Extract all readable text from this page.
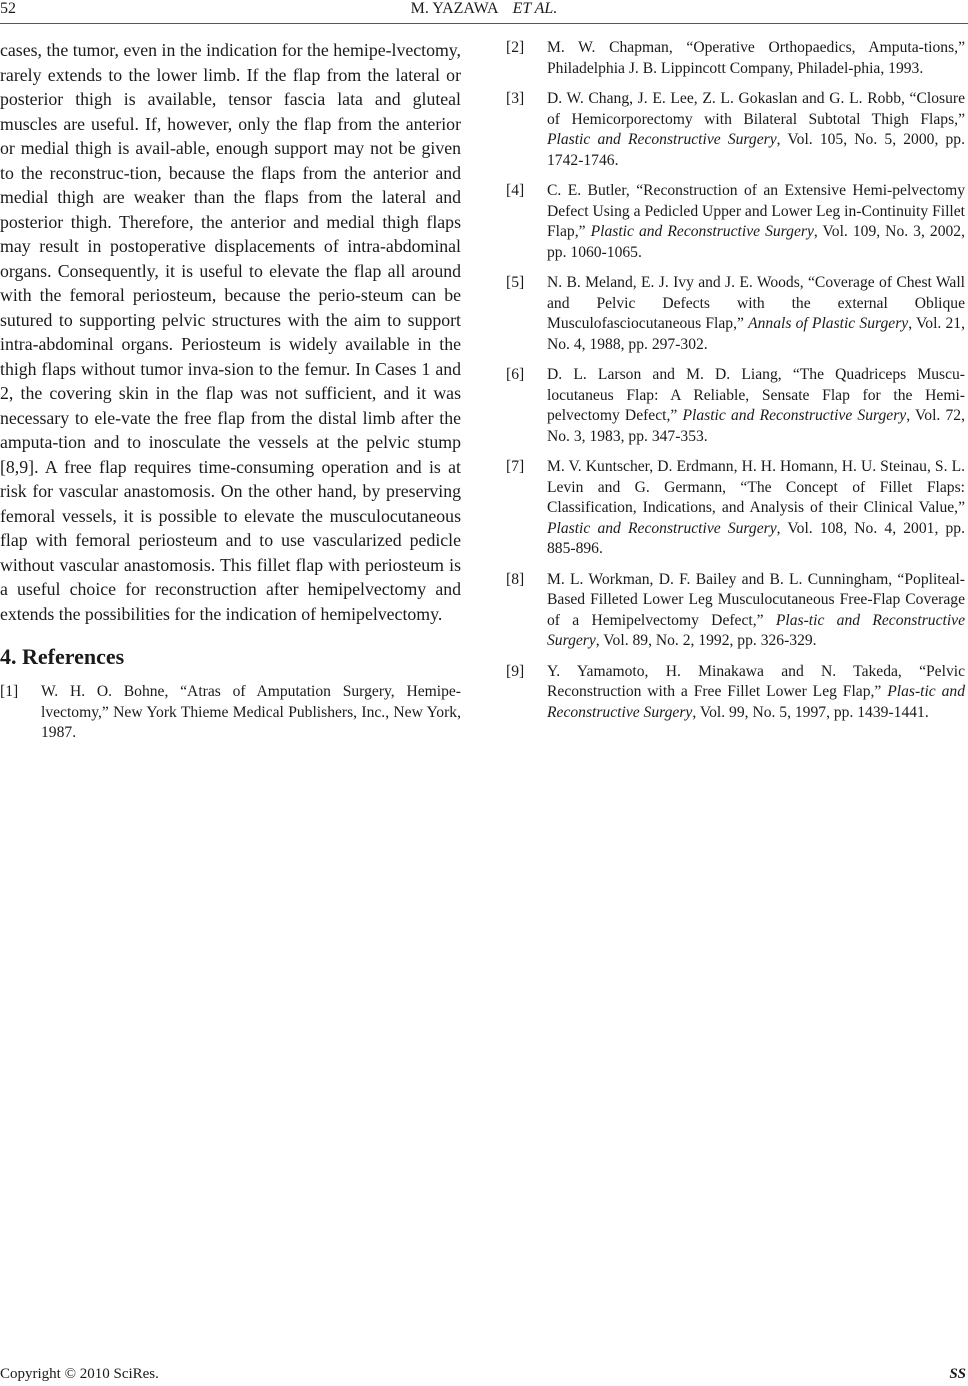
52	M. YAZAWA ET AL.

cases, the tumor, even in the indication for the hemipe-lvectomy, rarely extends to the lower limb. If the flap from the lateral or posterior thigh is available, tensor fascia lata and gluteal muscles are useful. If, however, only the flap from the anterior or medial thigh is avail-able, enough support may not be given to the reconstruc-tion, because the flaps from the anterior and medial thigh are weaker than the flaps from the lateral and posterior thigh. Therefore, the anterior and medial thigh flaps may result in postoperative displacements of intra-abdominal organs. Consequently, it is useful to elevate the flap all around with the femoral periosteum, because the perio-steum can be sutured to supporting pelvic structures with the aim to support intra-abdominal organs. Periosteum is widely available in the thigh flaps without tumor inva-sion to the femur. In Cases 1 and 2, the covering skin in the flap was not sufficient, and it was necessary to ele-vate the free flap from the distal limb after the amputa-tion and to inosculate the vessels at the pelvic stump [8,9]. A free flap requires time-consuming operation and is at risk for vascular anastomosis. On the other hand, by preserving femoral vessels, it is possible to elevate the musculocutaneous flap with femoral periosteum and to use vascularized pedicle without vascular anastomosis. This fillet flap with periosteum is a useful choice for reconstruction after hemipelvectomy and extends the possibilities for the indication of hemipelvectomy.

4. References
[1]	W. H. O. Bohne, “Atras of Amputation Surgery, Hemipe-lvectomy,” New York Thieme Medical Publishers, Inc., New York, 1987.
[2]	M. W. Chapman, “Operative Orthopaedics, Amputa-tions,” Philadelphia J. B. Lippincott Company, Philadel-phia, 1993.
[3]	D. W. Chang, J. E. Lee, Z. L. Gokaslan and G. L. Robb, “Closure of Hemicorporectomy with Bilateral Subtotal Thigh Flaps,” Plastic and Reconstructive Surgery, Vol. 105, No. 5, 2000, pp. 1742-1746.
[4]	C. E. Butler, “Reconstruction of an Extensive Hemi-pelvectomy Defect Using a Pedicled Upper and Lower Leg in-Continuity Fillet Flap,” Plastic and Reconstructive Surgery, Vol. 109, No. 3, 2002, pp. 1060-1065.
[5]	N. B. Meland, E. J. Ivy and J. E. Woods, “Coverage of Chest Wall and Pelvic Defects with the external Oblique Musculofasciocutaneous Flap,” Annals of Plastic Surgery, Vol. 21, No. 4, 1988, pp. 297-302.
[6]	D. L. Larson and M. D. Liang, “The Quadriceps Muscu-locutaneus Flap: A Reliable, Sensate Flap for the Hemi-pelvectomy Defect,” Plastic and Reconstructive Surgery, Vol. 72, No. 3, 1983, pp. 347-353.
[7]	M. V. Kuntscher, D. Erdmann, H. H. Homann, H. U. Steinau, S. L. Levin and G. Germann, “The Concept of Fillet Flaps: Classification, Indications, and Analysis of their Clinical Value,” Plastic and Reconstructive Surgery, Vol. 108, No. 4, 2001, pp. 885-896.
[8]	M. L. Workman, D. F. Bailey and B. L. Cunningham, “Popliteal-Based Filleted Lower Leg Musculocutaneous Free-Flap Coverage of a Hemipelvectomy Defect,” Plas-tic and Reconstructive Surgery, Vol. 89, No. 2, 1992, pp. 326-329.
[9]	Y. Yamamoto, H. Minakawa and N. Takeda, “Pelvic Reconstruction with a Free Fillet Lower Leg Flap,” Plas-tic and Reconstructive Surgery, Vol. 99, No. 5, 1997, pp. 1439-1441.
Copyright © 2010 SciRes.	SS
